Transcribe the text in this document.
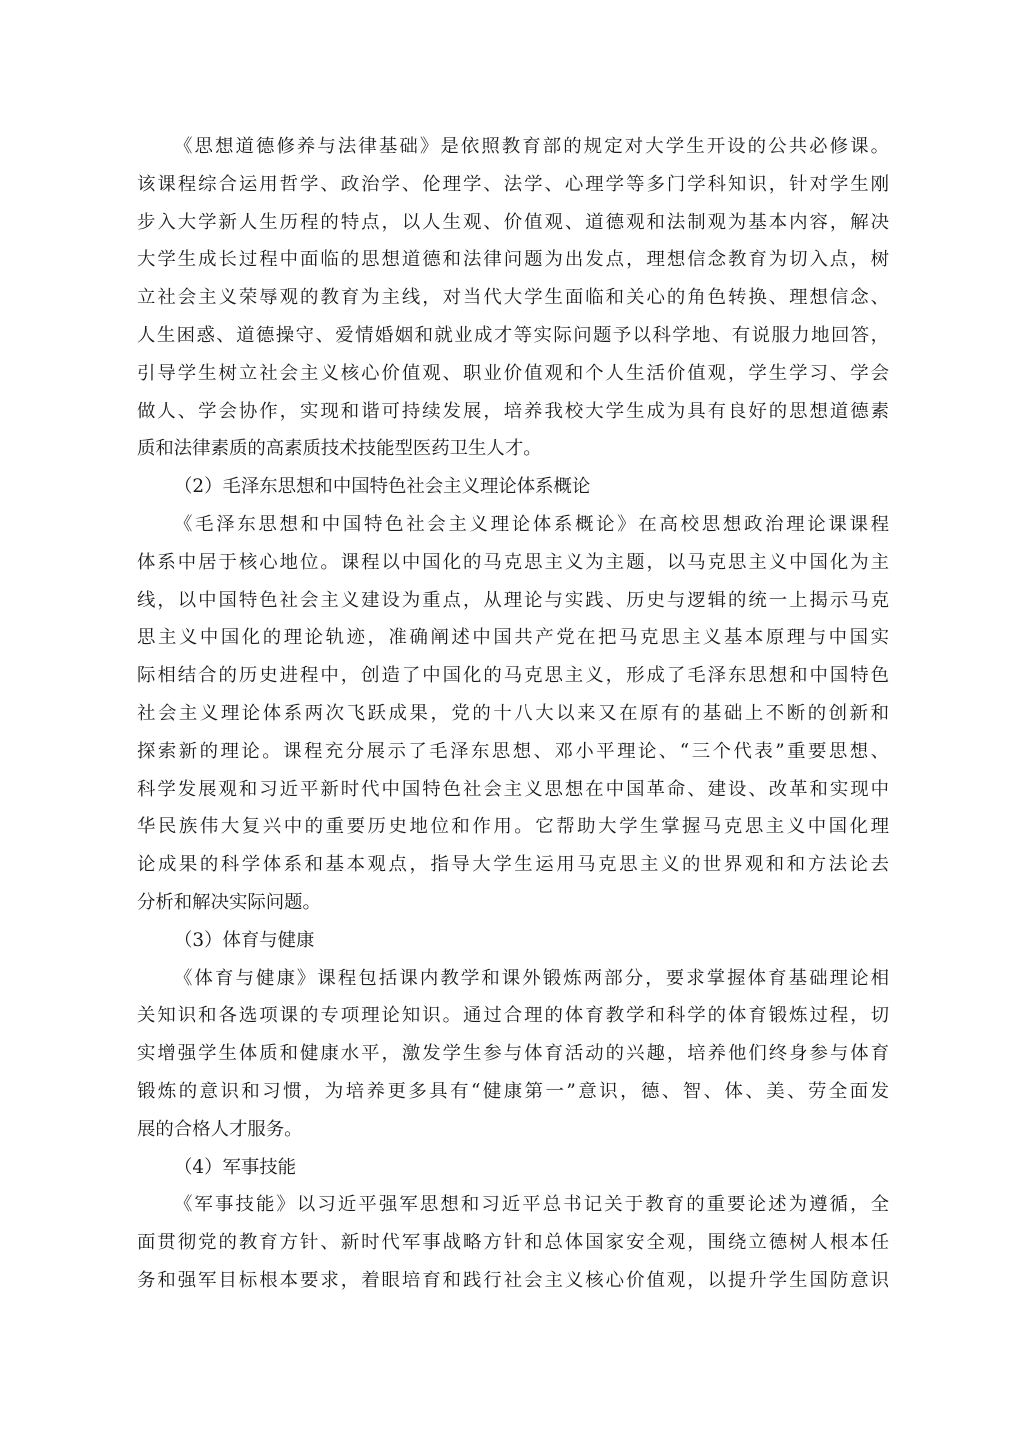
《思想道德修养与法律基础》是依照教育部的规定对大学生开设的公共必修课。
该课程综合运用哲学、政治学、伦理学、法学、心理学等多门学科知识，针对学生刚
步入大学新人生历程的特点，以人生观、价值观、道德观和法制观为基本内容，解决
大学生成长过程中面临的思想道德和法律问题为出发点，理想信念教育为切入点，树
立社会主义荣辱观的教育为主线，对当代大学生面临和关心的角色转换、理想信念、
人生困惑、道德操守、爱情婚姻和就业成才等实际问题予以科学地、有说服力地回答，
引导学生树立社会主义核心价值观、职业价值观和个人生活价值观，学生学习、学会
做人、学会协作，实现和谐可持续发展，培养我校大学生成为具有良好的思想道德素
质和法律素质的高素质技术技能型医药卫生人才。
（2）毛泽东思想和中国特色社会主义理论体系概论
《毛泽东思想和中国特色社会主义理论体系概论》在高校思想政治理论课课程
体系中居于核心地位。课程以中国化的马克思主义为主题，以马克思主义中国化为主
线，以中国特色社会主义建设为重点，从理论与实践、历史与逻辑的统一上揭示马克
思主义中国化的理论轨迹，准确阐述中国共产党在把马克思主义基本原理与中国实
际相结合的历史进程中，创造了中国化的马克思主义，形成了毛泽东思想和中国特色
社会主义理论体系两次飞跃成果，党的十八大以来又在原有的基础上不断的创新和
探索新的理论。课程充分展示了毛泽东思想、邓小平理论、“三个代表”重要思想、
科学发展观和习近平新时代中国特色社会主义思想在中国革命、建设、改革和实现中
华民族伟大复兴中的重要历史地位和作用。它帮助大学生掌握马克思主义中国化理
论成果的科学体系和基本观点，指导大学生运用马克思主义的世界观和和方法论去
分析和解决实际问题。
（3）体育与健康
《体育与健康》课程包括课内教学和课外锻炼两部分，要求掌握体育基础理论相
关知识和各选项课的专项理论知识。通过合理的体育教学和科学的体育锻炼过程，切
实增强学生体质和健康水平，激发学生参与体育活动的兴趣，培养他们终身参与体育
锻炼的意识和习惯，为培养更多具有“健康第一”意识，德、智、体、美、劳全面发
展的合格人才服务。
（4）军事技能
《军事技能》以习近平强军思想和习近平总书记关于教育的重要论述为遵循，全
面贯彻党的教育方针、新时代军事战略方针和总体国家安全观，围绕立德树人根本任
务和强军目标根本要求，着眼培育和践行社会主义核心价值观，以提升学生国防意识
